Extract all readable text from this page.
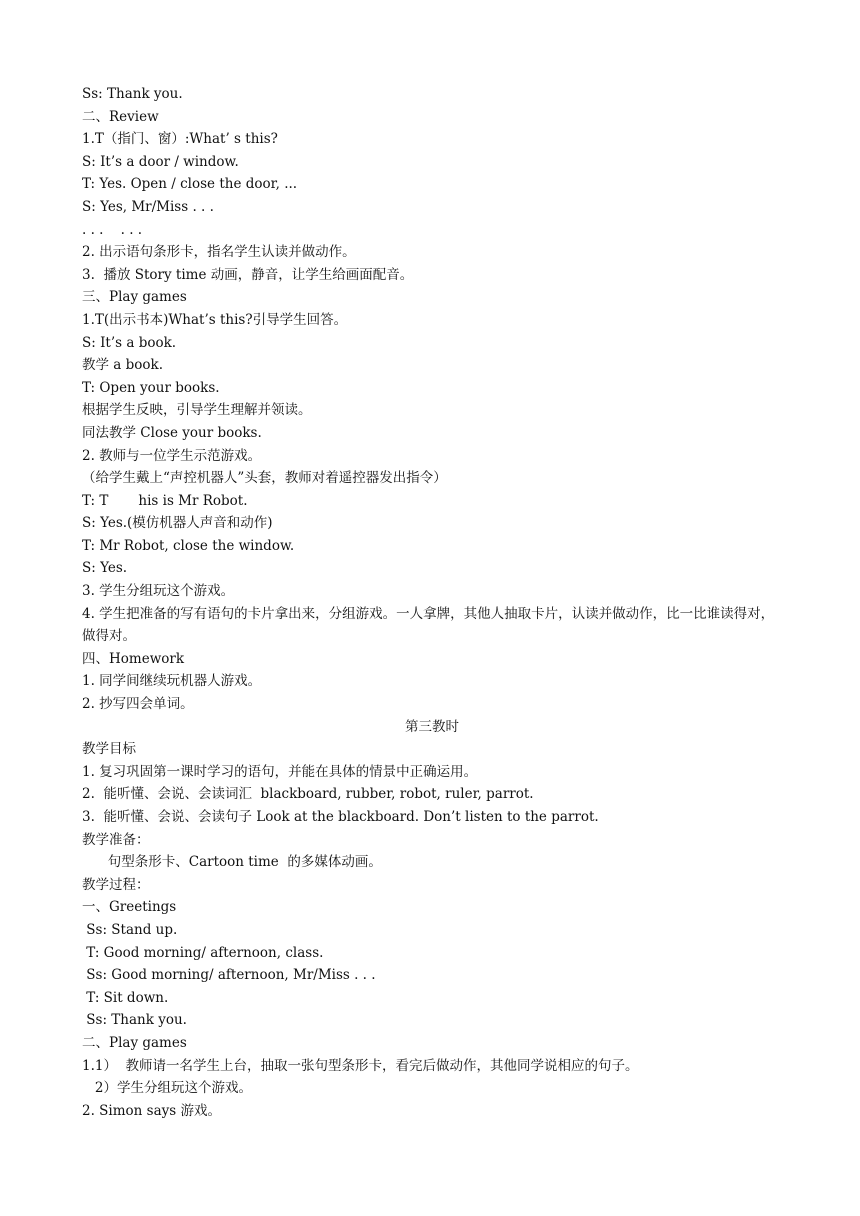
Ss: Thank you.
二、Review
1.T（指门、窗）:What’ s this?
S: It’s a door / window.
T: Yes. Open / close the door, ...
S: Yes, Mr/Miss . . .
. . .    . . .
2. 出示语句条形卡，指名学生认读并做动作。
3.  播放 Story time 动画，静音，让学生给画面配音。
三、Play games
1.T(出示书本)What’s this?引导学生回答。
S: It’s a book.
教学 a book.
T: Open your books.
根据学生反映，引导学生理解并领读。
同法教学 Close your books.
2. 教师与一位学生示范游戏。
（给学生戴上“声控机器人”头套，教师对着遥控器发出指令）
T: T       his is Mr Robot.
S: Yes.(模仿机器人声音和动作)
T: Mr Robot, close the window.
S: Yes.
3. 学生分组玩这个游戏。
4. 学生把准备的写有语句的卡片拿出来，分组游戏。一人拿牌，其他人抽取卡片，认读并做动作，比一比谁读得对，做得对。
四、Homework
1. 同学间继续玩机器人游戏。
2. 抄写四会单词。
第三教时
教学目标
1. 复习巩固第一课时学习的语句，并能在具体的情景中正确运用。
2.  能听懂、会说、会读词汇  blackboard, rubber, robot, ruler, parrot.
3.  能听懂、会说、会读句子 Look at the blackboard. Don’t listen to the parrot.
教学准备：
句型条形卡、Cartoon time  的多媒体动画。
教学过程：
一、Greetings
Ss: Stand up.
T: Good morning/ afternoon, class.
Ss: Good morning/ afternoon, Mr/Miss . . .
T: Sit down.
Ss: Thank you.
二、Play games
1.1）  教师请一名学生上台，抽取一张句型条形卡，看完后做动作，其他同学说相应的句子。
2）学生分组玩这个游戏。
2. Simon says 游戏。
